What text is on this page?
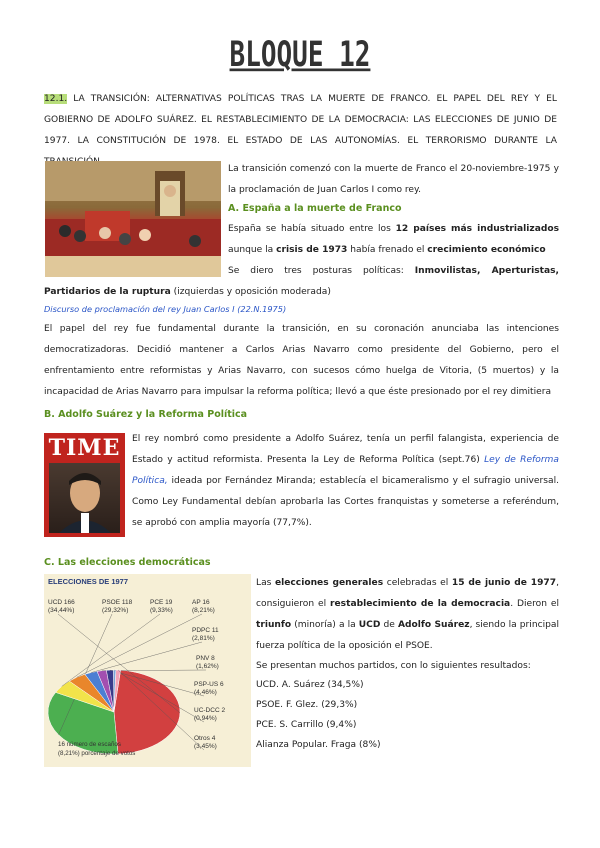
BLOQUE 12
12.1. LA TRANSICIÓN: ALTERNATIVAS POLÍTICAS TRAS LA MUERTE DE FRANCO. EL PAPEL DEL REY Y EL GOBIERNO DE ADOLFO SUÁREZ. EL RESTABLECIMIENTO DE LA DEMOCRACIA: LAS ELECCIONES DE JUNIO DE 1977. LA CONSTITUCIÓN DE 1978. EL ESTADO DE LAS AUTONOMÍAS. EL TERRORISMO DURANTE LA
La transición comenzó con la muerte de Franco el 20-noviembre-1975 y la proclamación de Juan Carlos I como rey.
A. España a la muerte de Franco
España se había situado entre los 12 países más industrializados aunque la crisis de 1973 había frenado el crecimiento económico
Se diero tres posturas políticas: Inmovilistas, Aperturistas, Partidarios de la ruptura (izquierdas y oposición moderada)
Discurso de proclamación del rey Juan Carlos I (22.N.1975)
El papel del rey fue fundamental durante la transición, en su coronación anunciaba las intenciones democratizadoras. Decidió mantener a Carlos Arias Navarro como presidente del Gobierno, pero el enfrentamiento entre reformistas y Arias Navarro, con sucesos cómo huelga de Vitoria, (5 muertos) y la incapacidad de Arias Navarro para impulsar la reforma política; llevó a que éste presionado por el rey dimitiera
B. Adolfo Suárez y la Reforma Política
TIME	El rey nombró como presidente a Adolfo Suárez, tenía un perfil falangista, experiencia de Estado y actitud reformista. Presenta la Ley de Reforma Política (sept.76) Ley de Reforma Política, ideada por Fernández Miranda; establecía el bicameralismo y el sufragio universal. Como Ley Fundamental debían aprobarla las Cortes franquistas y someterse a referéndum, se aprobó con amplia mayoría (77,7%).
C. Las elecciones democráticas
ELECCIONES DE 1977
UCD 166
(34,44%)
PSOE 118
(29,32%)
PCE 19
(9,33%)
AP 16
(8,21%)
PDPC 11
(2,81%)
PNV 8
(1,62%)
PSP-US 6
(4,46%)
UC-DCC 2
(0,94%)
Otros 4
(3,45%)
16 número de escaños
(8,21%) porcentaje de votos
Las elecciones generales celebradas el 15 de junio de 1977, consiguieron el restablecimiento de la democracia. Dieron el triunfo (minoría) a la UCD de Adolfo Suárez, siendo la principal fuerza política de la oposición el PSOE.
Se presentan muchos partidos, con lo siguientes resultados:
UCD. A. Suárez (34,5%)
PSOE. F. Glez. (29,3%)
PCE. S. Carrillo (9,4%)
Alianza Popular. Fraga (8%)
